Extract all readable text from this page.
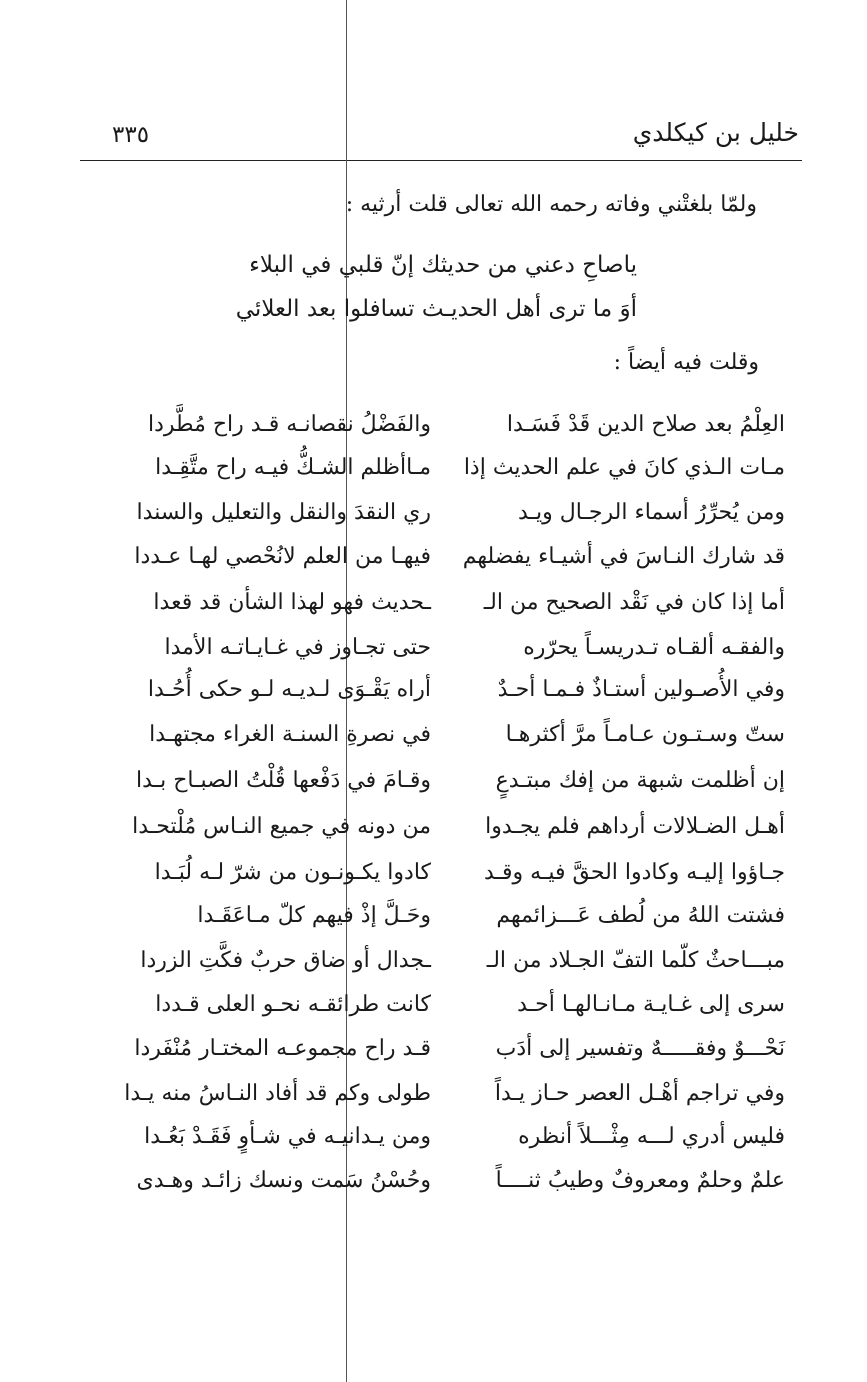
خليل بن كيكلدي
٣٣٥
ولمّا بلغتْني وفاته رحمه الله تعالى قلت أرثيه :
ياصاحِ دعني من حديثك إنّ قلبي في البلاء
أوَ ما ترى أهل الحديـث تسافلوا بعد العلائي
وقلت فيه أيضاً :
العِلْمُ بعد صلاح الدين قَدْ فَسَـدا
والفَضْلُ نقصانـه قـد راح مُطَّردا
مـات الـذي كانَ في علم الحديث إذا
مـاأظلم الشـكُّ فيـه راح متَّقِـدا
ومن يُحرِّرُ أسماء الرجـال ويـد
ري النقدَ والنقل والتعليل والسندا
قد شارك النـاسَ في أشيـاء يفضلهم
فيهـا من العلم لانُحْصي لهـا عـددا
أما إذا كان في نَقْد الصحيح من الـ
ـحديث فهو لهذا الشأن قد قعدا
والفقـه ألقـاه تـدريسـاً يحرّره
حتى تجـاوز في غـايـاتـه الأمدا
وفي الأُصـولين أستـاذٌ فـمـا أحـدٌ
أراه يَقْـوَى لـديـه لـو حكى أُحُـدا
ستّ وسـتـون عـامـاً مرَّ أكثرهـا
في نصرةِ السنـة الغراء مجتهـدا
إن أظلمت شبهة من إفك مبتـدعٍ
وقـامَ في دَفْعها قُلْتُ الصبـاح بـدا
أهـل الضـلالات أرداهم فلم يجـدوا
من دونه في جميع النـاس مُلْتحـدا
جـاؤوا إليـه وكادوا الحقَّ فيـه وقـد
كادوا يكـونـون من شرّ لـه لُبَـدا
فشتت اللهُ من لُطف عَـــزائمهم
وحَـلَّ إذْ فيهم كلّ مـاعَقَـدا
مبـــاحثٌ كلّما التفّ الجـلاد من الـ
ـجدال أو ضاق حربٌ فكَّتِ الزردا
سرى إلى غـايـة مـانـالهـا أحـد
كانت طرائقـه نحـو العلى قـددا
نَحْـــوٌ وفقـــــهٌ وتفسير إلى أدَب
قـد راح مجموعـه المختـار مُنْفَردا
وفي تراجم أهْـل العصر حـاز يـداً
طولى وكم قد أفاد النـاسُ منه يـدا
فليس أدري لـــه مِثْـــلاً أنظره
ومن يـدانيـه في شـأوٍ فَقَـدْ بَعُـدا
علمٌ وحلمٌ ومعروفٌ وطيبُ ثنــــاً
وحُسْنُ سَمت ونسك زائـد وهـدى
